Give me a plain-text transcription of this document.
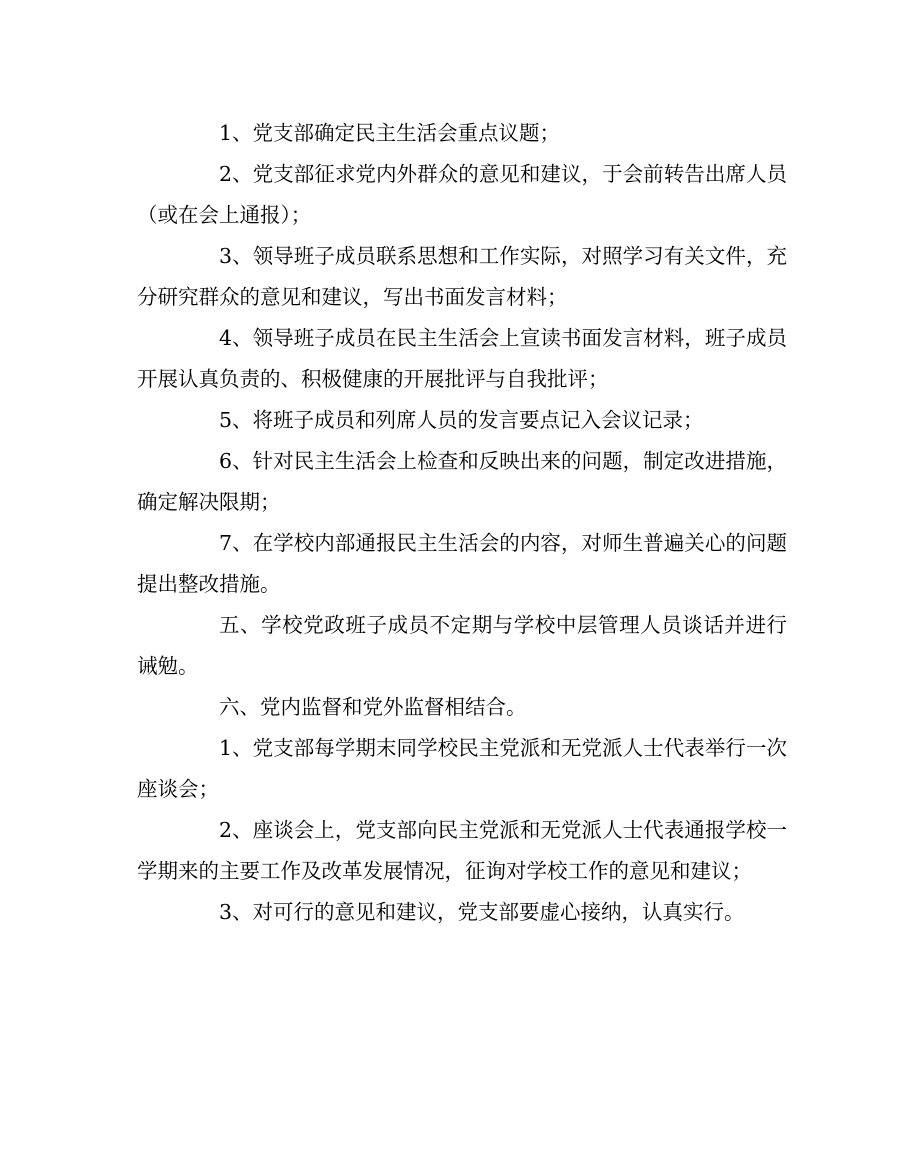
1、党支部确定民主生活会重点议题；

2、党支部征求党内外群众的意见和建议，于会前转告出席人员（或在会上通报）；

3、领导班子成员联系思想和工作实际，对照学习有关文件，充分研究群众的意见和建议，写出书面发言材料；

4、领导班子成员在民主生活会上宣读书面发言材料，班子成员开展认真负责的、积极健康的开展批评与自我批评；

5、将班子成员和列席人员的发言要点记入会议记录；

6、针对民主生活会上检查和反映出来的问题，制定改进措施，确定解决限期；

7、在学校内部通报民主生活会的内容，对师生普遍关心的问题提出整改措施。

五、学校党政班子成员不定期与学校中层管理人员谈话并进行诫勉。

六、党内监督和党外监督相结合。

1、党支部每学期末同学校民主党派和无党派人士代表举行一次座谈会；

2、座谈会上，党支部向民主党派和无党派人士代表通报学校一学期来的主要工作及改革发展情况，征询对学校工作的意见和建议；

3、对可行的意见和建议，党支部要虚心接纳，认真实行。
